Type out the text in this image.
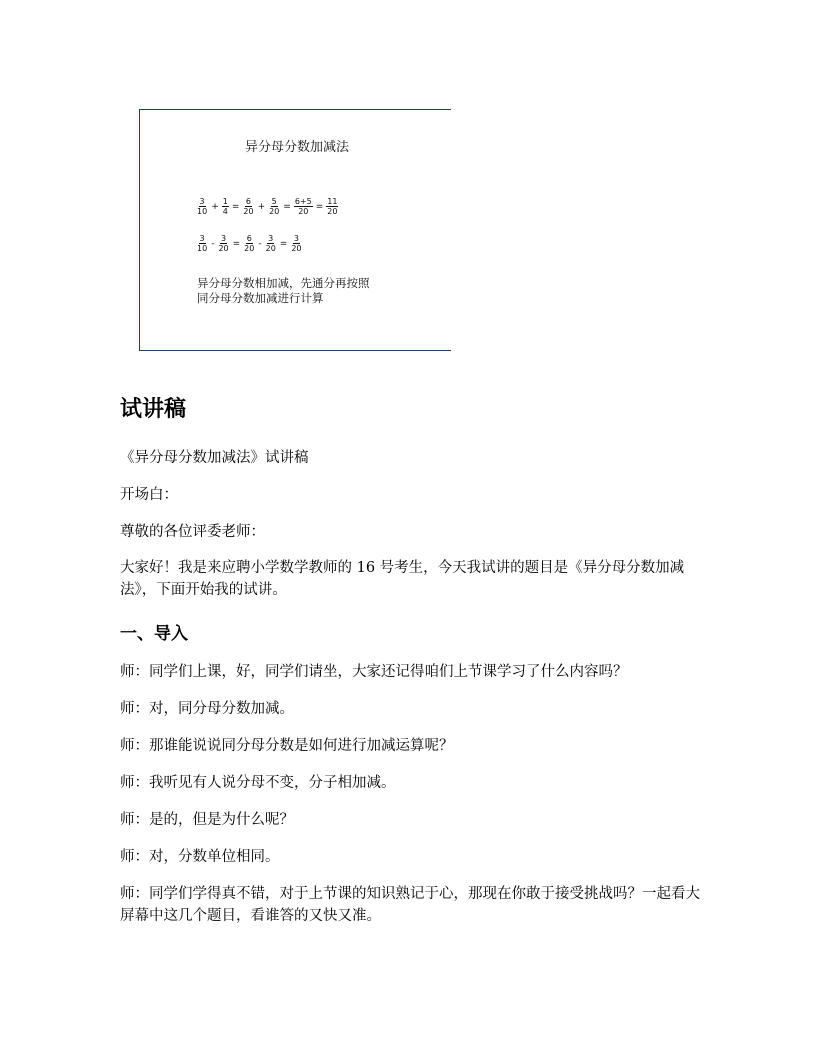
异分母分数加减法
$\frac{3}{10} + \frac{1}{4} = \frac{6}{20} + \frac{5}{20} = \frac{6+5}{20} = \frac{11}{20}$
$\frac{3}{10} - \frac{3}{20} = \frac{6}{20} - \frac{3}{20} = \frac{3}{20}$
异分母分数相加减，先通分再按照
同分母分数加减进行计算
试讲稿
《异分母分数加减法》试讲稿
开场白：
尊敬的各位评委老师：
大家好！我是来应聘小学数学教师的 16 号考生，今天我试讲的题目是《异分母分数加减法》，下面开始我的试讲。
一、导入
师：同学们上课，好，同学们请坐，大家还记得咱们上节课学习了什么内容吗？
师：对，同分母分数加减。
师：那谁能说说同分母分数是如何进行加减运算呢？
师：我听见有人说分母不变，分子相加减。
师：是的，但是为什么呢？
师：对，分数单位相同。
师：同学们学得真不错，对于上节课的知识熟记于心，那现在你敢于接受挑战吗？一起看大屏幕中这几个题目，看谁答的又快又准。
